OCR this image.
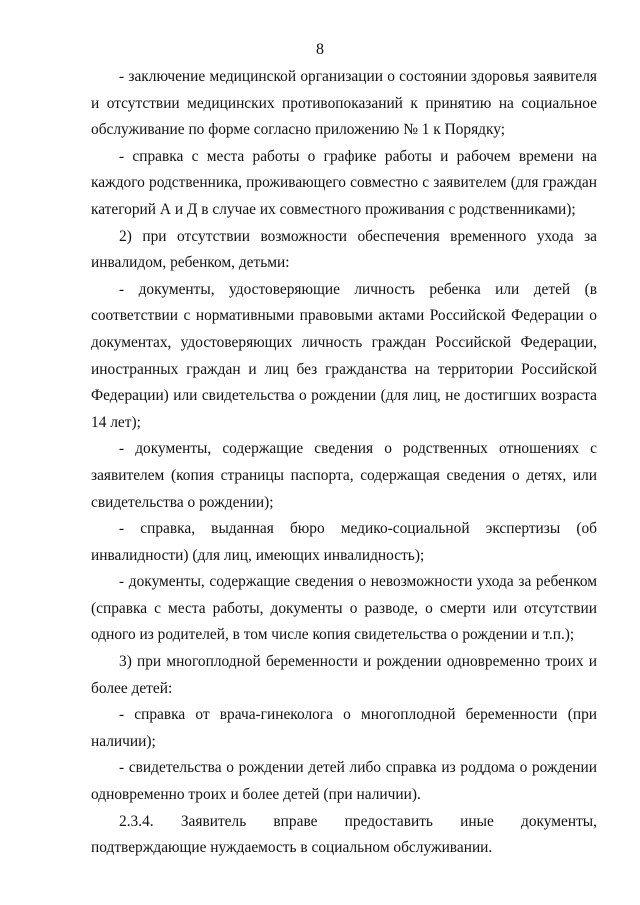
8

- заключение медицинской организации о состоянии здоровья заявителя и отсутствии медицинских противопоказаний к принятию на социальное обслуживание по форме согласно приложению № 1 к Порядку;

- справка с места работы о графике работы и рабочем времени на каждого родственника, проживающего совместно с заявителем (для граждан категорий А и Д в случае их совместного проживания с родственниками);

2) при отсутствии возможности обеспечения временного ухода за инвалидом, ребенком, детьми:

- документы, удостоверяющие личность ребенка или детей (в соответствии с нормативными правовыми актами Российской Федерации о документах, удостоверяющих личность граждан Российской Федерации, иностранных граждан и лиц без гражданства на территории Российской Федерации) или свидетельства о рождении (для лиц, не достигших возраста 14 лет);

- документы, содержащие сведения о родственных отношениях с заявителем (копия страницы паспорта, содержащая сведения о детях, или свидетельства о рождении);

- справка, выданная бюро медико-социальной экспертизы (об инвалидности) (для лиц, имеющих инвалидность);

- документы, содержащие сведения о невозможности ухода за ребенком (справка с места работы, документы о разводе, о смерти или отсутствии одного из родителей, в том числе копия свидетельства о рождении и т.п.);

3) при многоплодной беременности и рождении одновременно троих и более детей:

- справка от врача-гинеколога о многоплодной беременности (при наличии);

- свидетельства о рождении детей либо справка из роддома о рождении одновременно троих и более детей (при наличии).

2.3.4. Заявитель вправе предоставить иные документы, подтверждающие нуждаемость в социальном обслуживании.
